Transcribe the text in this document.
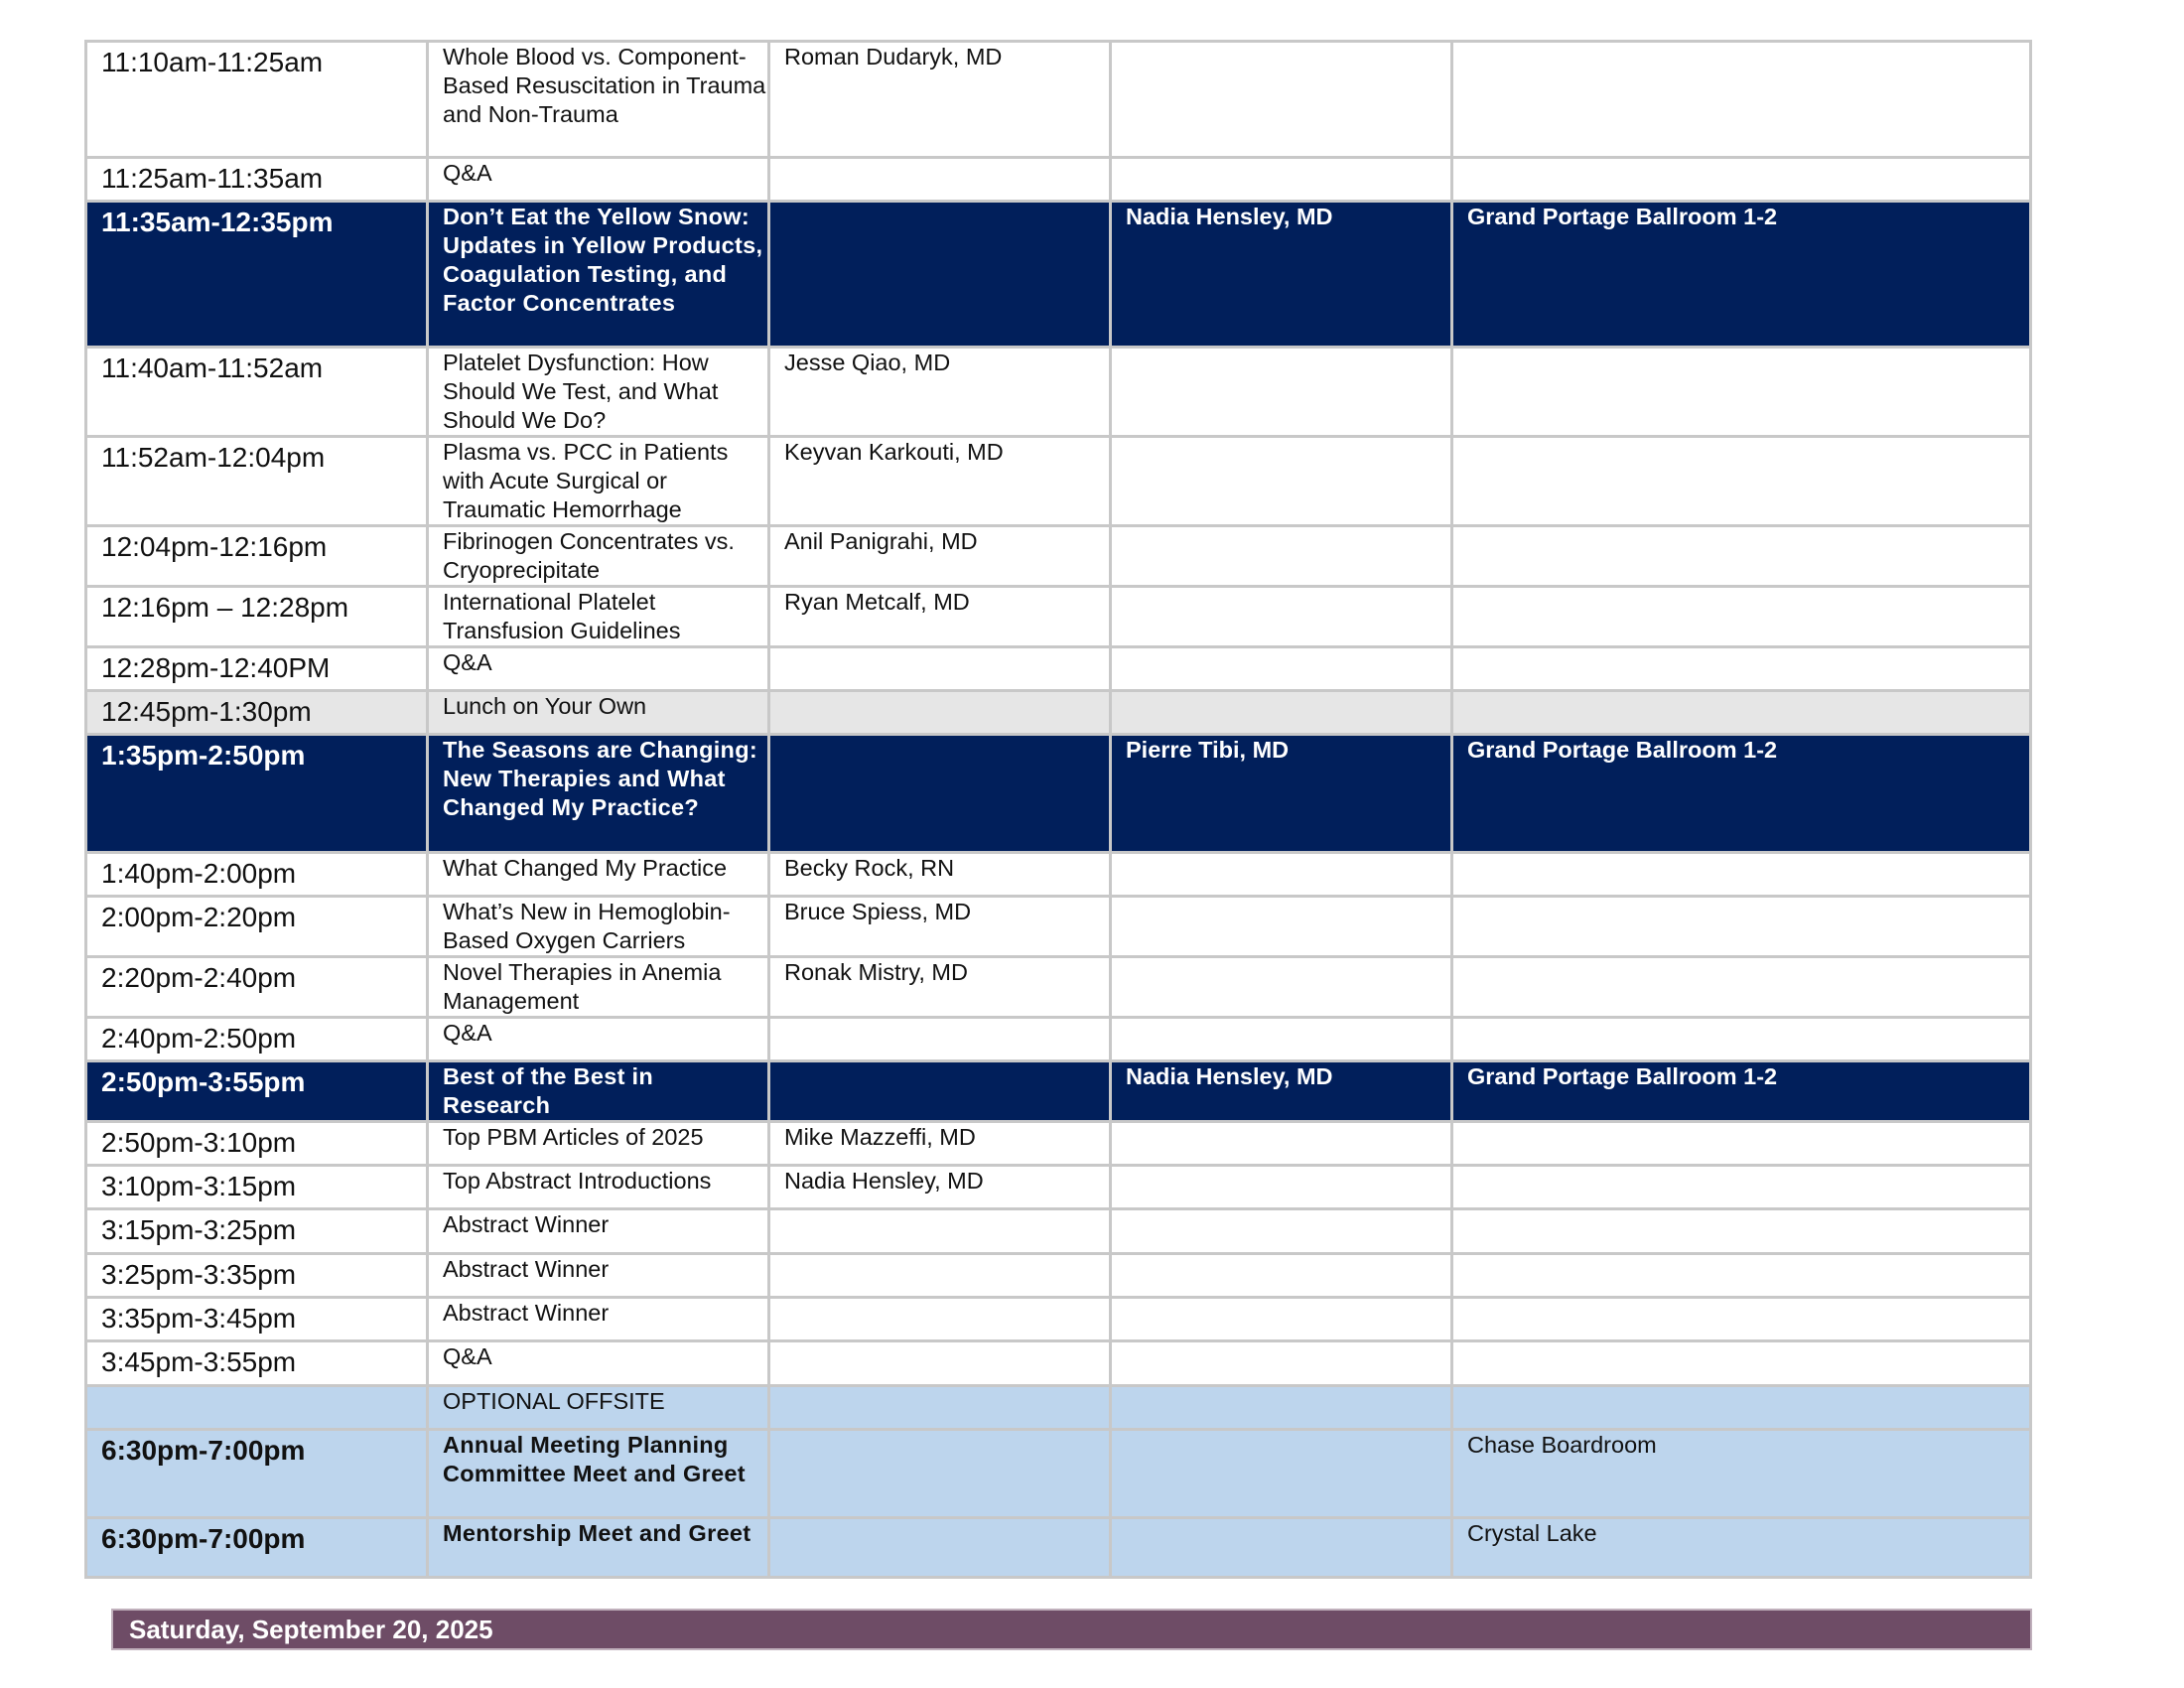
11:10am-11:25am	Whole Blood vs. Component-Based Resuscitation in Trauma and Non-Trauma	Roman Dudaryk, MD		
11:25am-11:35am	Q&A			
11:35am-12:35pm	Don’t Eat the Yellow Snow: Updates in Yellow Products, Coagulation Testing, and Factor Concentrates		Nadia Hensley, MD	Grand Portage Ballroom 1-2
11:40am-11:52am	Platelet Dysfunction: How Should We Test, and What Should We Do?	Jesse Qiao, MD		
11:52am-12:04pm	Plasma vs. PCC in Patients with Acute Surgical or Traumatic Hemorrhage	Keyvan Karkouti, MD		
12:04pm-12:16pm	Fibrinogen Concentrates vs. Cryoprecipitate	Anil Panigrahi, MD		
12:16pm – 12:28pm	International Platelet Transfusion Guidelines	Ryan Metcalf, MD		
12:28pm-12:40PM	Q&A			
12:45pm-1:30pm	Lunch on Your Own			
1:35pm-2:50pm	The Seasons are Changing: New Therapies and What Changed My Practice?		Pierre Tibi, MD	Grand Portage Ballroom 1-2
1:40pm-2:00pm	What Changed My Practice	Becky Rock, RN		
2:00pm-2:20pm	What’s New in Hemoglobin-Based Oxygen Carriers	Bruce Spiess, MD		
2:20pm-2:40pm	Novel Therapies in Anemia Management	Ronak Mistry, MD		
2:40pm-2:50pm	Q&A			
2:50pm-3:55pm	Best of the Best in Research		Nadia Hensley, MD	Grand Portage Ballroom 1-2
2:50pm-3:10pm	Top PBM Articles of 2025	Mike Mazzeffi, MD		
3:10pm-3:15pm	Top Abstract Introductions	Nadia Hensley, MD		
3:15pm-3:25pm	Abstract Winner			
3:25pm-3:35pm	Abstract Winner			
3:35pm-3:45pm	Abstract Winner			
3:45pm-3:55pm	Q&A			
	OPTIONAL OFFSITE			
6:30pm-7:00pm	Annual Meeting Planning Committee Meet and Greet			Chase Boardroom
6:30pm-7:00pm	Mentorship Meet and Greet			Crystal Lake
Saturday, September 20, 2025
